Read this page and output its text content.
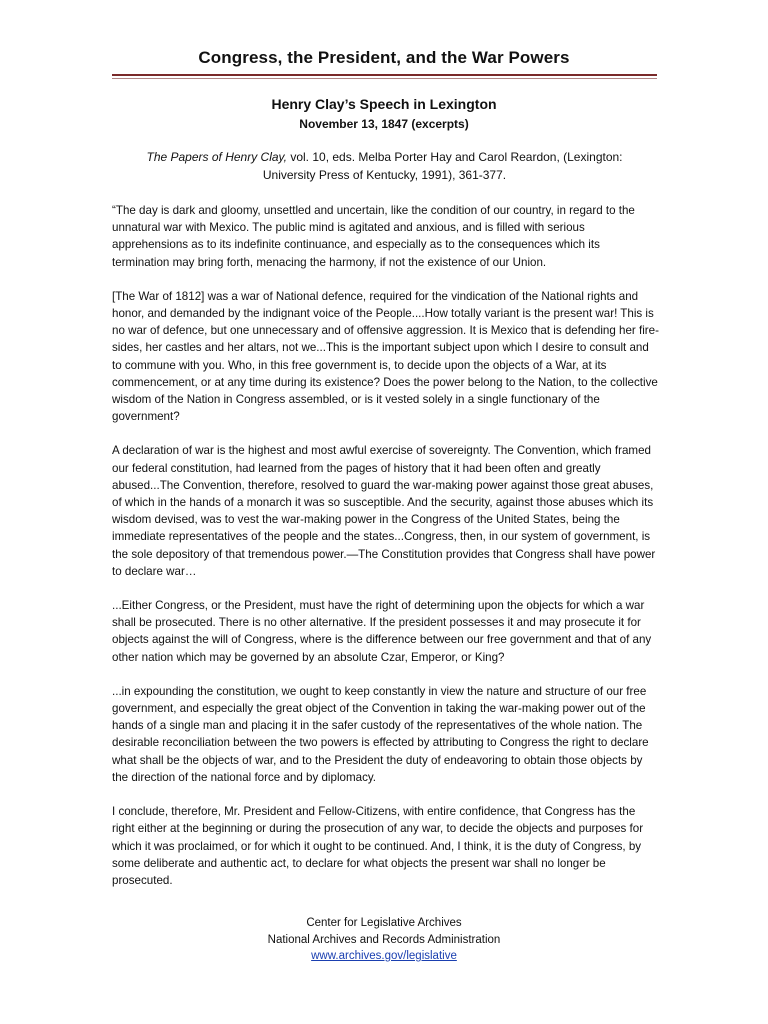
Congress, the President, and the War Powers
Henry Clay’s Speech in Lexington
November 13, 1847 (excerpts)
The Papers of Henry Clay, vol. 10, eds. Melba Porter Hay and Carol Reardon, (Lexington:
University Press of Kentucky, 1991), 361-377.

“The day is dark and gloomy, unsettled and uncertain, like the condition of our country, in regard to the unnatural war with Mexico. The public mind is agitated and anxious, and is filled with serious apprehensions as to its indefinite continuance, and especially as to the consequences which its termination may bring forth, menacing the harmony, if not the existence of our Union.

[The War of 1812] was a war of National defence, required for the vindication of the National rights and honor, and demanded by the indignant voice of the People....How totally variant is the present war! This is no war of defence, but one unnecessary and of offensive aggression. It is Mexico that is defending her fire-sides, her castles and her altars, not we...This is the important subject upon which I desire to consult and to commune with you. Who, in this free government is, to decide upon the objects of a War, at its commencement, or at any time during its existence? Does the power belong to the Nation, to the collective wisdom of the Nation in Congress assembled, or is it vested solely in a single functionary of the government?

A declaration of war is the highest and most awful exercise of sovereignty. The Convention, which framed our federal constitution, had learned from the pages of history that it had been often and greatly abused...The Convention, therefore, resolved to guard the war-making power against those great abuses, of which in the hands of a monarch it was so susceptible. And the security, against those abuses which its wisdom devised, was to vest the war-making power in the Congress of the United States, being the immediate representatives of the people and the states...Congress, then, in our system of government, is the sole depository of that tremendous power.—The Constitution provides that Congress shall have power to declare war…

...Either Congress, or the President, must have the right of determining upon the objects for which a war shall be prosecuted. There is no other alternative. If the president possesses it and may prosecute it for objects against the will of Congress, where is the difference between our free government and that of any other nation which may be governed by an absolute Czar, Emperor, or King?

...in expounding the constitution, we ought to keep constantly in view the nature and structure of our free government, and especially the great object of the Convention in taking the war-making power out of the hands of a single man and placing it in the safer custody of the representatives of the whole nation. The desirable reconciliation between the two powers is effected by attributing to Congress the right to declare what shall be the objects of war, and to the President the duty of endeavoring to obtain those objects by the direction of the national force and by diplomacy.

I conclude, therefore, Mr. President and Fellow-Citizens, with entire confidence, that Congress has the right either at the beginning or during the prosecution of any war, to decide the objects and purposes for which it was proclaimed, or for which it ought to be continued. And, I think, it is the duty of Congress, by some deliberate and authentic act, to declare for what objects the present war shall no longer be prosecuted.

Center for Legislative Archives
National Archives and Records Administration
www.archives.gov/legislative
